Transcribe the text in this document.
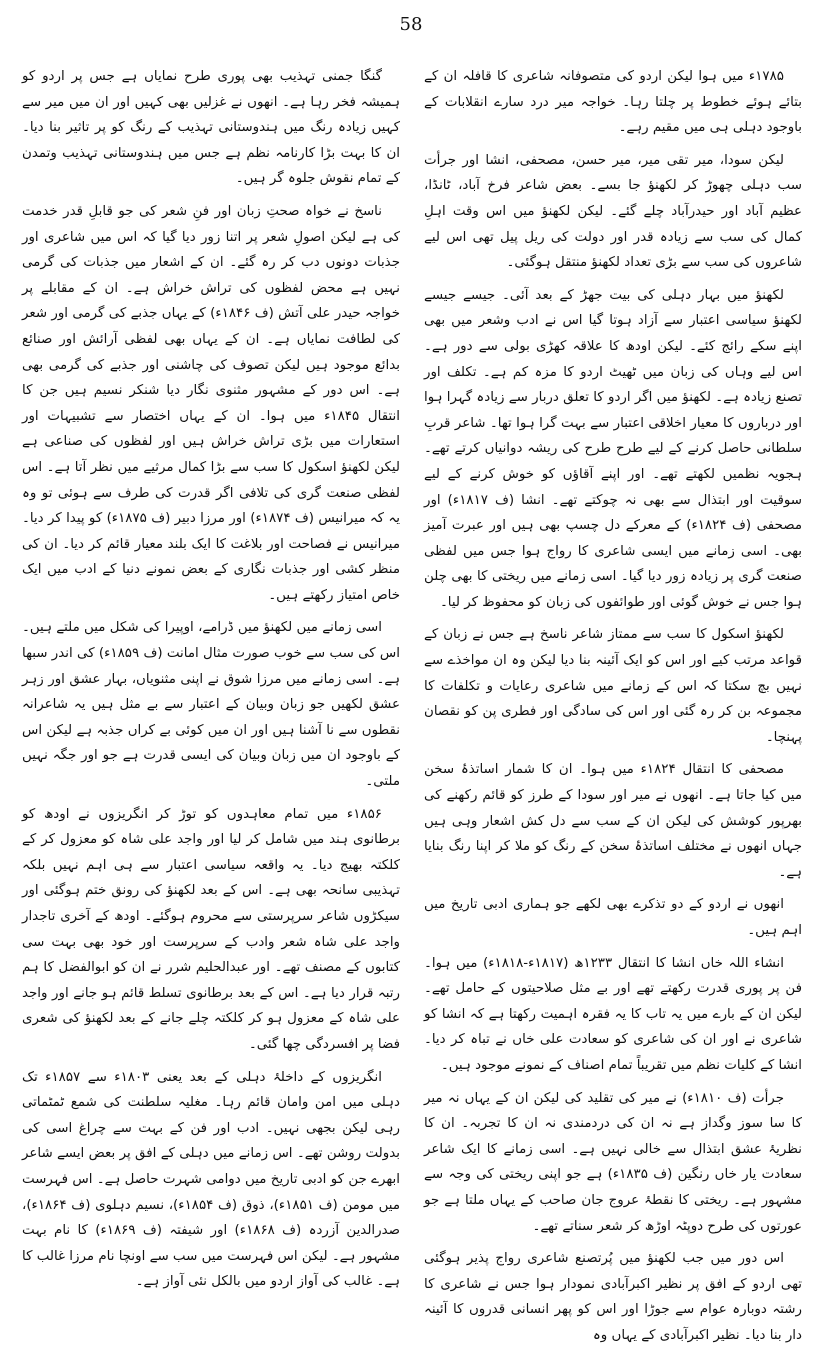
58

۱۷۸۵ء میں ہوا لیکن اردو کی متصوفانہ شاعری کا قافلہ ان کے بتائے ہوئے خطوط پر چلتا رہا۔ خواجہ میر درد سارے انقلابات کے باوجود دہلی ہی میں مقیم رہے۔

لیکن سودا، میر تقی میر، میر حسن، مصحفی، انشا اور جرأت سب دہلی چھوڑ کر لکھنؤ جا بسے۔ بعض شاعر فرخ آباد، ٹانڈا، عظیم آباد اور حیدرآباد چلے گئے۔ لیکن لکھنؤ میں اس وقت اہلِ کمال کی سب سے زیادہ قدر اور دولت کی ریل پیل تھی اس لیے شاعروں کی سب سے بڑی تعداد لکھنؤ منتقل ہوگئی۔

لکھنؤ میں بہار دہلی کی بیت جھڑ کے بعد آئی۔ جیسے جیسے لکھنؤ سیاسی اعتبار سے آزاد ہوتا گیا اس نے ادب وشعر میں بھی اپنے سکے رائج کئے۔ لیکن اودھ کا علاقہ کھڑی بولی سے دور ہے۔ اس لیے وہاں کی زبان میں ٹھیٹ اردو کا مزہ کم ہے۔ تکلف اور تصنع زیادہ ہے۔ لکھنؤ میں اگر اردو کا تعلق دربار سے زیادہ گہرا ہوا اور درباروں کا معیار اخلاقی اعتبار سے بہت گرا ہوا تھا۔ شاعر قربِ سلطانی حاصل کرنے کے لیے طرح طرح کی ریشہ دوانیاں کرتے تھے۔ ہجویہ نظمیں لکھتے تھے۔ اور اپنے آقاؤں کو خوش کرنے کے لیے سوقیت اور ابتذال سے بھی نہ چوکتے تھے۔ انشا (ف ۱۸۱۷ء) اور مصحفی (ف ۱۸۲۴ء) کے معرکے دل چسپ بھی ہیں اور عبرت آمیز بھی۔ اسی زمانے میں ایسی شاعری کا رواج ہوا جس میں لفظی صنعت گری پر زیادہ زور دیا گیا۔ اسی زمانے میں ریختی کا بھی چلن ہوا جس نے خوش گوئی اور طوائفوں کی زبان کو محفوظ کر لیا۔

لکھنؤ اسکول کا سب سے ممتاز شاعر ناسخ ہے جس نے زبان کے قواعد مرتب کیے اور اس کو ایک آئینہ بنا دیا لیکن وہ ان مواخذے سے نہیں بچ سکتا کہ اس کے زمانے میں شاعری رعایات و تکلفات کا مجموعہ بن کر رہ گئی اور اس کی سادگی اور فطری پن کو نقصان پہنچا۔

مصحفی کا انتقال ۱۸۲۴ء میں ہوا۔ ان کا شمار اساتذۂ سخن میں کیا جاتا ہے۔ انھوں نے میر اور سودا کے طرز کو قائم رکھنے کی بھرپور کوشش کی لیکن ان کے سب سے دل کش اشعار وہی ہیں جہاں انھوں نے مختلف اساتذۂ سخن کے رنگ کو ملا کر اپنا رنگ بنایا ہے۔

انھوں نے اردو کے دو تذکرے بھی لکھے جو ہماری ادبی تاریخ میں اہم ہیں۔

انشاء اللہ خاں انشا کا انتقال ۱۲۳۳ھ (۱۸۱۷ء-۱۸۱۸ء) میں ہوا۔ فن پر پوری قدرت رکھتے تھے اور بے مثل صلاحیتوں کے حامل تھے۔ لیکن ان کے بارے میں یہ تاب کا یہ فقرہ اہمیت رکھتا ہے کہ انشا کو شاعری نے اور ان کی شاعری کو سعادت علی خاں نے تباہ کر دیا۔ انشا کے کلیات نظم میں تقریباً تمام اصناف کے نمونے موجود ہیں۔

جرأت (ف ۱۸۱۰ء) نے میر کی تقلید کی لیکن ان کے یہاں نہ میر کا سا سوز وگداز ہے نہ ان کی دردمندی نہ ان کا تجربہ۔ ان کا نظریۂ عشق ابتذال سے خالی نہیں ہے۔ اسی زمانے کا ایک شاعر سعادت یار خاں رنگین (ف ۱۸۳۵ء) ہے جو اپنی ریختی کی وجہ سے مشہور ہے۔ ریختی کا نقطۂ عروج جان صاحب کے یہاں ملتا ہے جو عورتوں کی طرح دوپٹہ اوڑھ کر شعر سناتے تھے۔

اس دور میں جب لکھنؤ میں پُرتصنع شاعری رواج پذیر ہوگئی تھی اردو کے افق پر نظیر اکبرآبادی نمودار ہوا جس نے شاعری کا رشتہ دوبارہ عوام سے جوڑا اور اس کو پھر انسانی قدروں کا آئینہ دار بنا دیا۔ نظیر اکبرآبادی کے یہاں وہ

گنگا جمنی تہذیب بھی پوری طرح نمایاں ہے جس پر اردو کو ہمیشہ فخر رہا ہے۔ انھوں نے غزلیں بھی کہیں اور ان میں میر سے کہیں زیادہ رنگ میں ہندوستانی تہذیب کے رنگ کو پر تاثیر بنا دیا۔ ان کا بہت بڑا کارنامہ نظم ہے جس میں ہندوستانی تہذیب وتمدن کے تمام نقوش جلوہ گر ہیں۔

ناسخ نے خواہ صحتِ زبان اور فنِ شعر کی جو قابلِ قدر خدمت کی ہے لیکن اصولِ شعر پر اتنا زور دیا گیا کہ اس میں شاعری اور جذبات دونوں دب کر رہ گئے۔ ان کے اشعار میں جذبات کی گرمی نہیں ہے محض لفظوں کی تراش خراش ہے۔ ان کے مقابلے پر خواجہ حیدر علی آتش (ف ۱۸۴۶ء) کے یہاں جذبے کی گرمی اور شعر کی لطافت نمایاں ہے۔ ان کے یہاں بھی لفظی آرائش اور صنائع بدائع موجود ہیں لیکن تصوف کی چاشنی اور جذبے کی گرمی بھی ہے۔ اس دور کے مشہور مثنوی نگار دیا شنکر نسیم ہیں جن کا انتقال ۱۸۴۵ء میں ہوا۔ ان کے یہاں اختصار سے تشبیہات اور استعارات میں بڑی تراش خراش ہیں اور لفظوں کی صناعی ہے لیکن لکھنؤ اسکول کا سب سے بڑا کمال مرثیے میں نظر آتا ہے۔ اس لفظی صنعت گری کی تلافی اگر قدرت کی طرف سے ہوئی تو وہ یہ کہ میرانیس (ف ۱۸۷۴ء) اور مرزا دبیر (ف ۱۸۷۵ء) کو پیدا کر دیا۔ میرانیس نے فصاحت اور بلاغت کا ایک بلند معیار قائم کر دیا۔ ان کی منظر کشی اور جذبات نگاری کے بعض نمونے دنیا کے ادب میں ایک خاص امتیاز رکھتے ہیں۔

اسی زمانے میں لکھنؤ میں ڈرامے، اوپیرا کی شکل میں ملتے ہیں۔ اس کی سب سے خوب صورت مثال امانت (ف ۱۸۵۹ء) کی اندر سبھا ہے۔ اسی زمانے میں مرزا شوق نے اپنی مثنویاں، بہار عشق اور زہر عشق لکھیں جو زبان وبیان کے اعتبار سے بے مثل ہیں یہ شاعرانہ نقطوں سے نا آشنا ہیں اور ان میں کوئی بے کراں جذبہ ہے لیکن اس کے باوجود ان میں زبان وبیان کی ایسی قدرت ہے جو اور جگہ نہیں ملتی۔

۱۸۵۶ء میں تمام معاہدوں کو توڑ کر انگریزوں نے اودھ کو برطانوی ہند میں شامل کر لیا اور واجد علی شاہ کو معزول کر کے کلکتہ بھیج دیا۔ یہ واقعہ سیاسی اعتبار سے ہی اہم نہیں بلکہ تہذیبی سانحہ بھی ہے۔ اس کے بعد لکھنؤ کی رونق ختم ہوگئی اور سیکڑوں شاعر سرپرستی سے محروم ہوگئے۔ اودھ کے آخری تاجدار واجد علی شاہ شعر وادب کے سرپرست اور خود بھی بہت سی کتابوں کے مصنف تھے۔ اور عبدالحلیم شرر نے ان کو ابوالفضل کا ہم رتبہ قرار دیا ہے۔ اس کے بعد برطانوی تسلط قائم ہو جانے اور واجد علی شاہ کے معزول ہو کر کلکتہ چلے جانے کے بعد لکھنؤ کی شعری فضا پر افسردگی چھا گئی۔

انگریزوں کے داخلۂ دہلی کے بعد یعنی ۱۸۰۳ء سے ۱۸۵۷ء تک دہلی میں امن وامان قائم رہا۔ مغلیہ سلطنت کی شمع ٹمٹماتی رہی لیکن بجھی نہیں۔ ادب اور فن کے بہت سے چراغ اسی کی بدولت روشن تھے۔ اس زمانے میں دہلی کے افق پر بعض ایسے شاعر ابھرے جن کو ادبی تاریخ میں دوامی شہرت حاصل ہے۔ اس فہرست میں مومن (ف ۱۸۵۱ء)، ذوق (ف ۱۸۵۴ء)، نسیم دہلوی (ف ۱۸۶۴ء)، صدرالدین آزردہ (ف ۱۸۶۸ء) اور شیفتہ (ف ۱۸۶۹ء) کا نام بہت مشہور ہے۔ لیکن اس فہرست میں سب سے اونچا نام مرزا غالب کا ہے۔ غالب کی آواز اردو میں بالکل نئی آواز ہے۔
